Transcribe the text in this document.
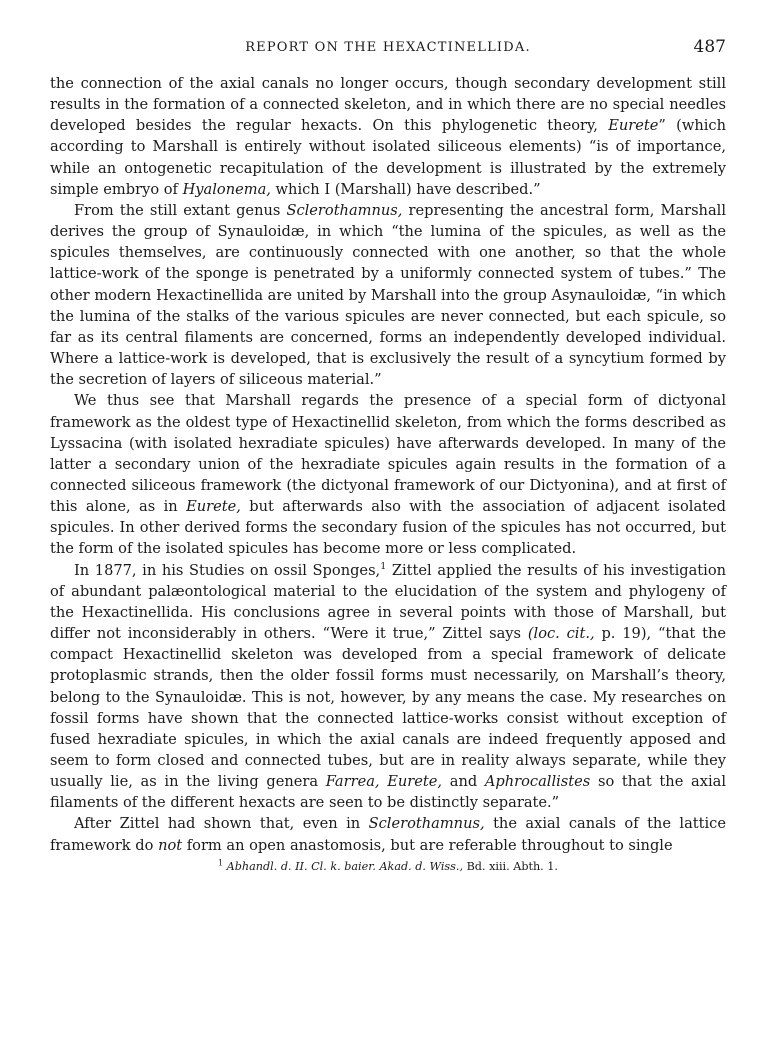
REPORT ON THE HEXACTINELLIDA.	487

the connection of the axial canals no longer occurs, though secondary development still results in the formation of a connected skeleton, and in which there are no special needles developed besides the regular hexacts. On this phylogenetic theory, Eurete” (which according to Marshall is entirely without isolated siliceous elements) “is of importance, while an ontogenetic recapitulation of the development is illustrated by the extremely simple embryo of Hyalonema, which I (Marshall) have described.”

From the still extant genus Sclerothamnus, representing the ancestral form, Marshall derives the group of Synauloidæ, in which “the lumina of the spicules, as well as the spicules themselves, are continuously connected with one another, so that the whole lattice-work of the sponge is penetrated by a uniformly connected system of tubes.” The other modern Hexactinellida are united by Marshall into the group Asynauloidæ, “in which the lumina of the stalks of the various spicules are never connected, but each spicule, so far as its central filaments are concerned, forms an independently developed individual. Where a lattice-work is developed, that is exclusively the result of a syncytium formed by the secretion of layers of siliceous material.”

We thus see that Marshall regards the presence of a special form of dictyonal framework as the oldest type of Hexactinellid skeleton, from which the forms described as Lyssacina (with isolated hexradiate spicules) have afterwards developed. In many of the latter a secondary union of the hexradiate spicules again results in the formation of a connected siliceous framework (the dictyonal framework of our Dictyonina), and at first of this alone, as in Eurete, but afterwards also with the association of adjacent isolated spicules. In other derived forms the secondary fusion of the spicules has not occurred, but the form of the isolated spicules has become more or less complicated.

In 1877, in his Studies on ossil Sponges,$^1$ Zittel applied the results of his investigation of abundant palæontological material to the elucidation of the system and phylogeny of the Hexactinellida. His conclusions agree in several points with those of Marshall, but differ not inconsiderably in others. “Were it true,” Zittel says (loc. cit., p. 19), “that the compact Hexactinellid skeleton was developed from a special framework of delicate protoplasmic strands, then the older fossil forms must necessarily, on Marshall’s theory, belong to the Synauloidæ. This is not, however, by any means the case. My researches on fossil forms have shown that the connected lattice-works consist without exception of fused hexradiate spicules, in which the axial canals are indeed frequently apposed and seem to form closed and connected tubes, but are in reality always separate, while they usually lie, as in the living genera Farrea, Eurete, and Aphrocallistes so that the axial filaments of the different hexacts are seen to be distinctly separate.”

After Zittel had shown that, even in Sclerothamnus, the axial canals of the lattice framework do not form an open anastomosis, but are referable throughout to single

$^1$ Abhandl. d. II. Cl. k. baier. Akad. d. Wiss., Bd. xiii. Abth. 1.
